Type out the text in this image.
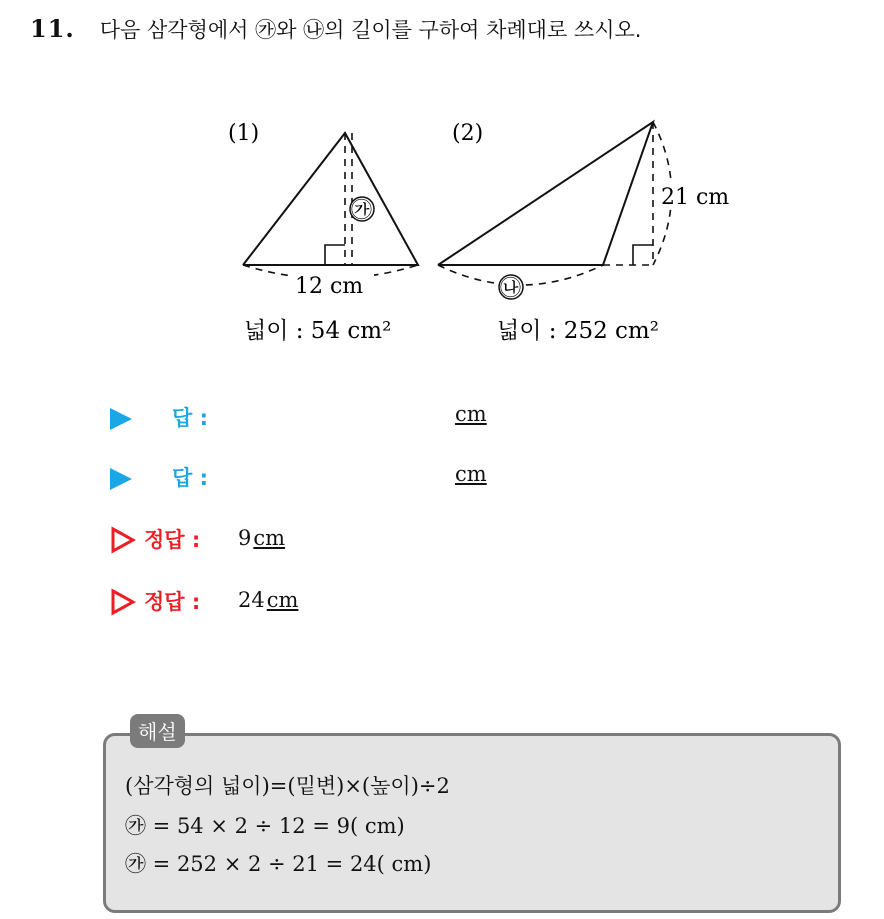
11. 다음 삼각형에서 ㉮와 ㉯의 길이를 구하여 차례대로 쓰시오.
(1)
㉮
12 cm
넓이 : 54 cm²
(2)
21 cm
㉯
넓이 : 252 cm²
답 :	cm
답 :	cm
정답 : 9cm
정답 : 24cm
해설
(삼각형의 넓이)=(밑변)×(높이)÷2
㉮ = 54 × 2 ÷ 12 = 9( cm)
㉮ = 252 × 2 ÷ 21 = 24( cm)
